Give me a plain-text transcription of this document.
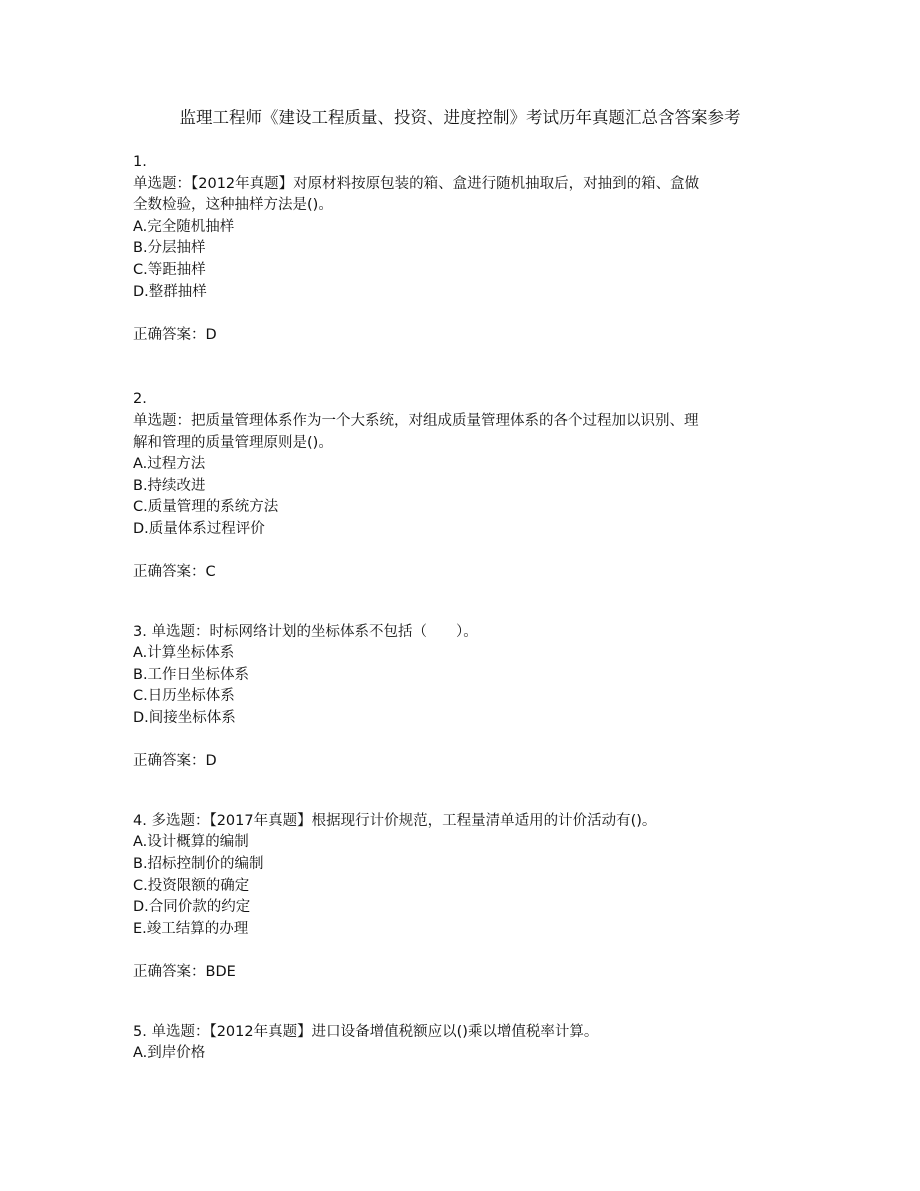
监理工程师《建设工程质量、投资、进度控制》考试历年真题汇总含答案参考
1.
单选题：【2012年真题】对原材料按原包装的箱、盒进行随机抽取后，对抽到的箱、盒做
全数检验，这种抽样方法是()。
A.完全随机抽样
B.分层抽样
C.等距抽样
D.整群抽样
正确答案：D
2.
单选题：把质量管理体系作为一个大系统，对组成质量管理体系的各个过程加以识别、理
解和管理的质量管理原则是()。
A.过程方法
B.持续改进
C.质量管理的系统方法
D.质量体系过程评价
正确答案：C
3. 单选题：时标网络计划的坐标体系不包括（　　）。
A.计算坐标体系
B.工作日坐标体系
C.日历坐标体系
D.间接坐标体系
正确答案：D
4. 多选题：【2017年真题】根据现行计价规范，工程量清单适用的计价活动有()。
A.设计概算的编制
B.招标控制价的编制
C.投资限额的确定
D.合同价款的约定
E.竣工结算的办理
正确答案：BDE
5. 单选题：【2012年真题】进口设备增值税额应以()乘以增值税率计算。
A.到岸价格
